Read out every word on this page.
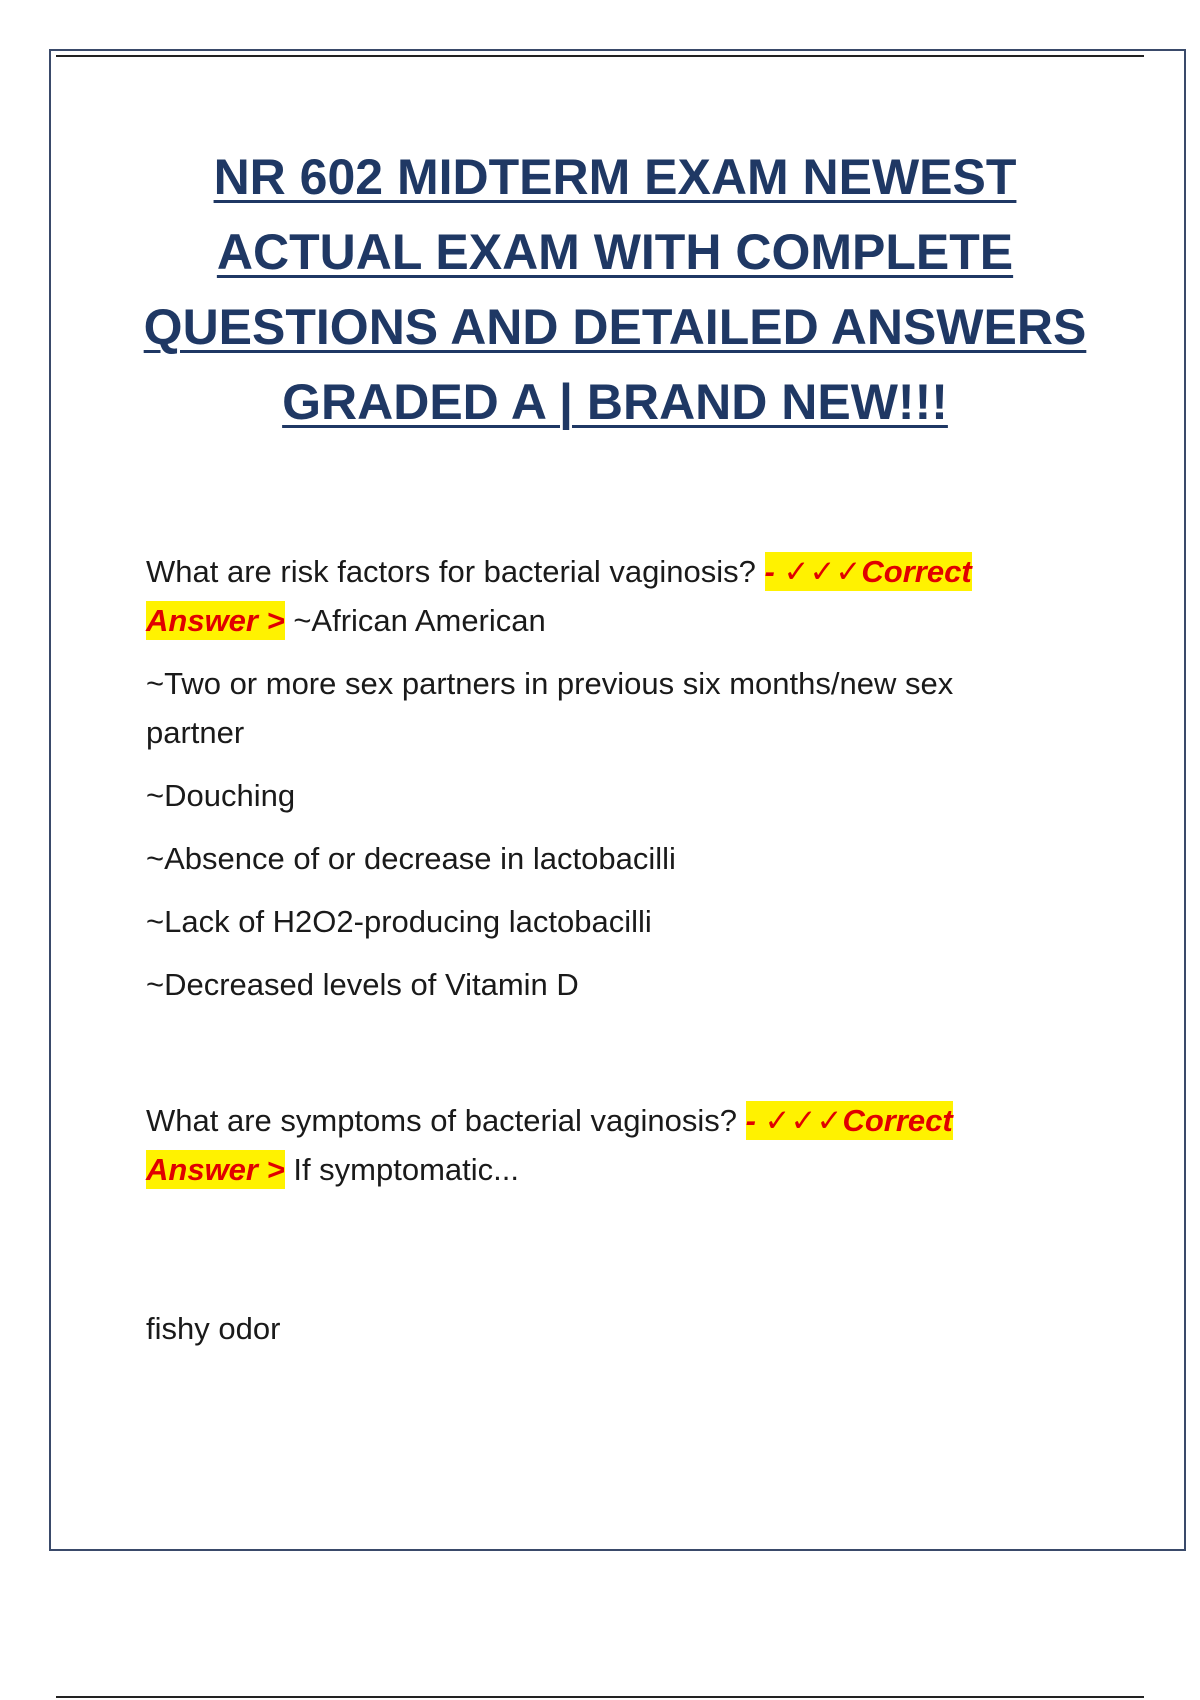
NR 602 MIDTERM EXAM NEWEST
ACTUAL EXAM WITH COMPLETE
QUESTIONS AND DETAILED ANSWERS
GRADED A | BRAND NEW!!!

What are risk factors for bacterial vaginosis? - ✓✓✓Correct
Answer > ~African American

~Two or more sex partners in previous six months/new sex partner

~Douching

~Absence of or decrease in lactobacilli

~Lack of H2O2-producing lactobacilli

~Decreased levels of Vitamin D

What are symptoms of bacterial vaginosis? - ✓✓✓Correct
Answer > If symptomatic...

fishy odor
